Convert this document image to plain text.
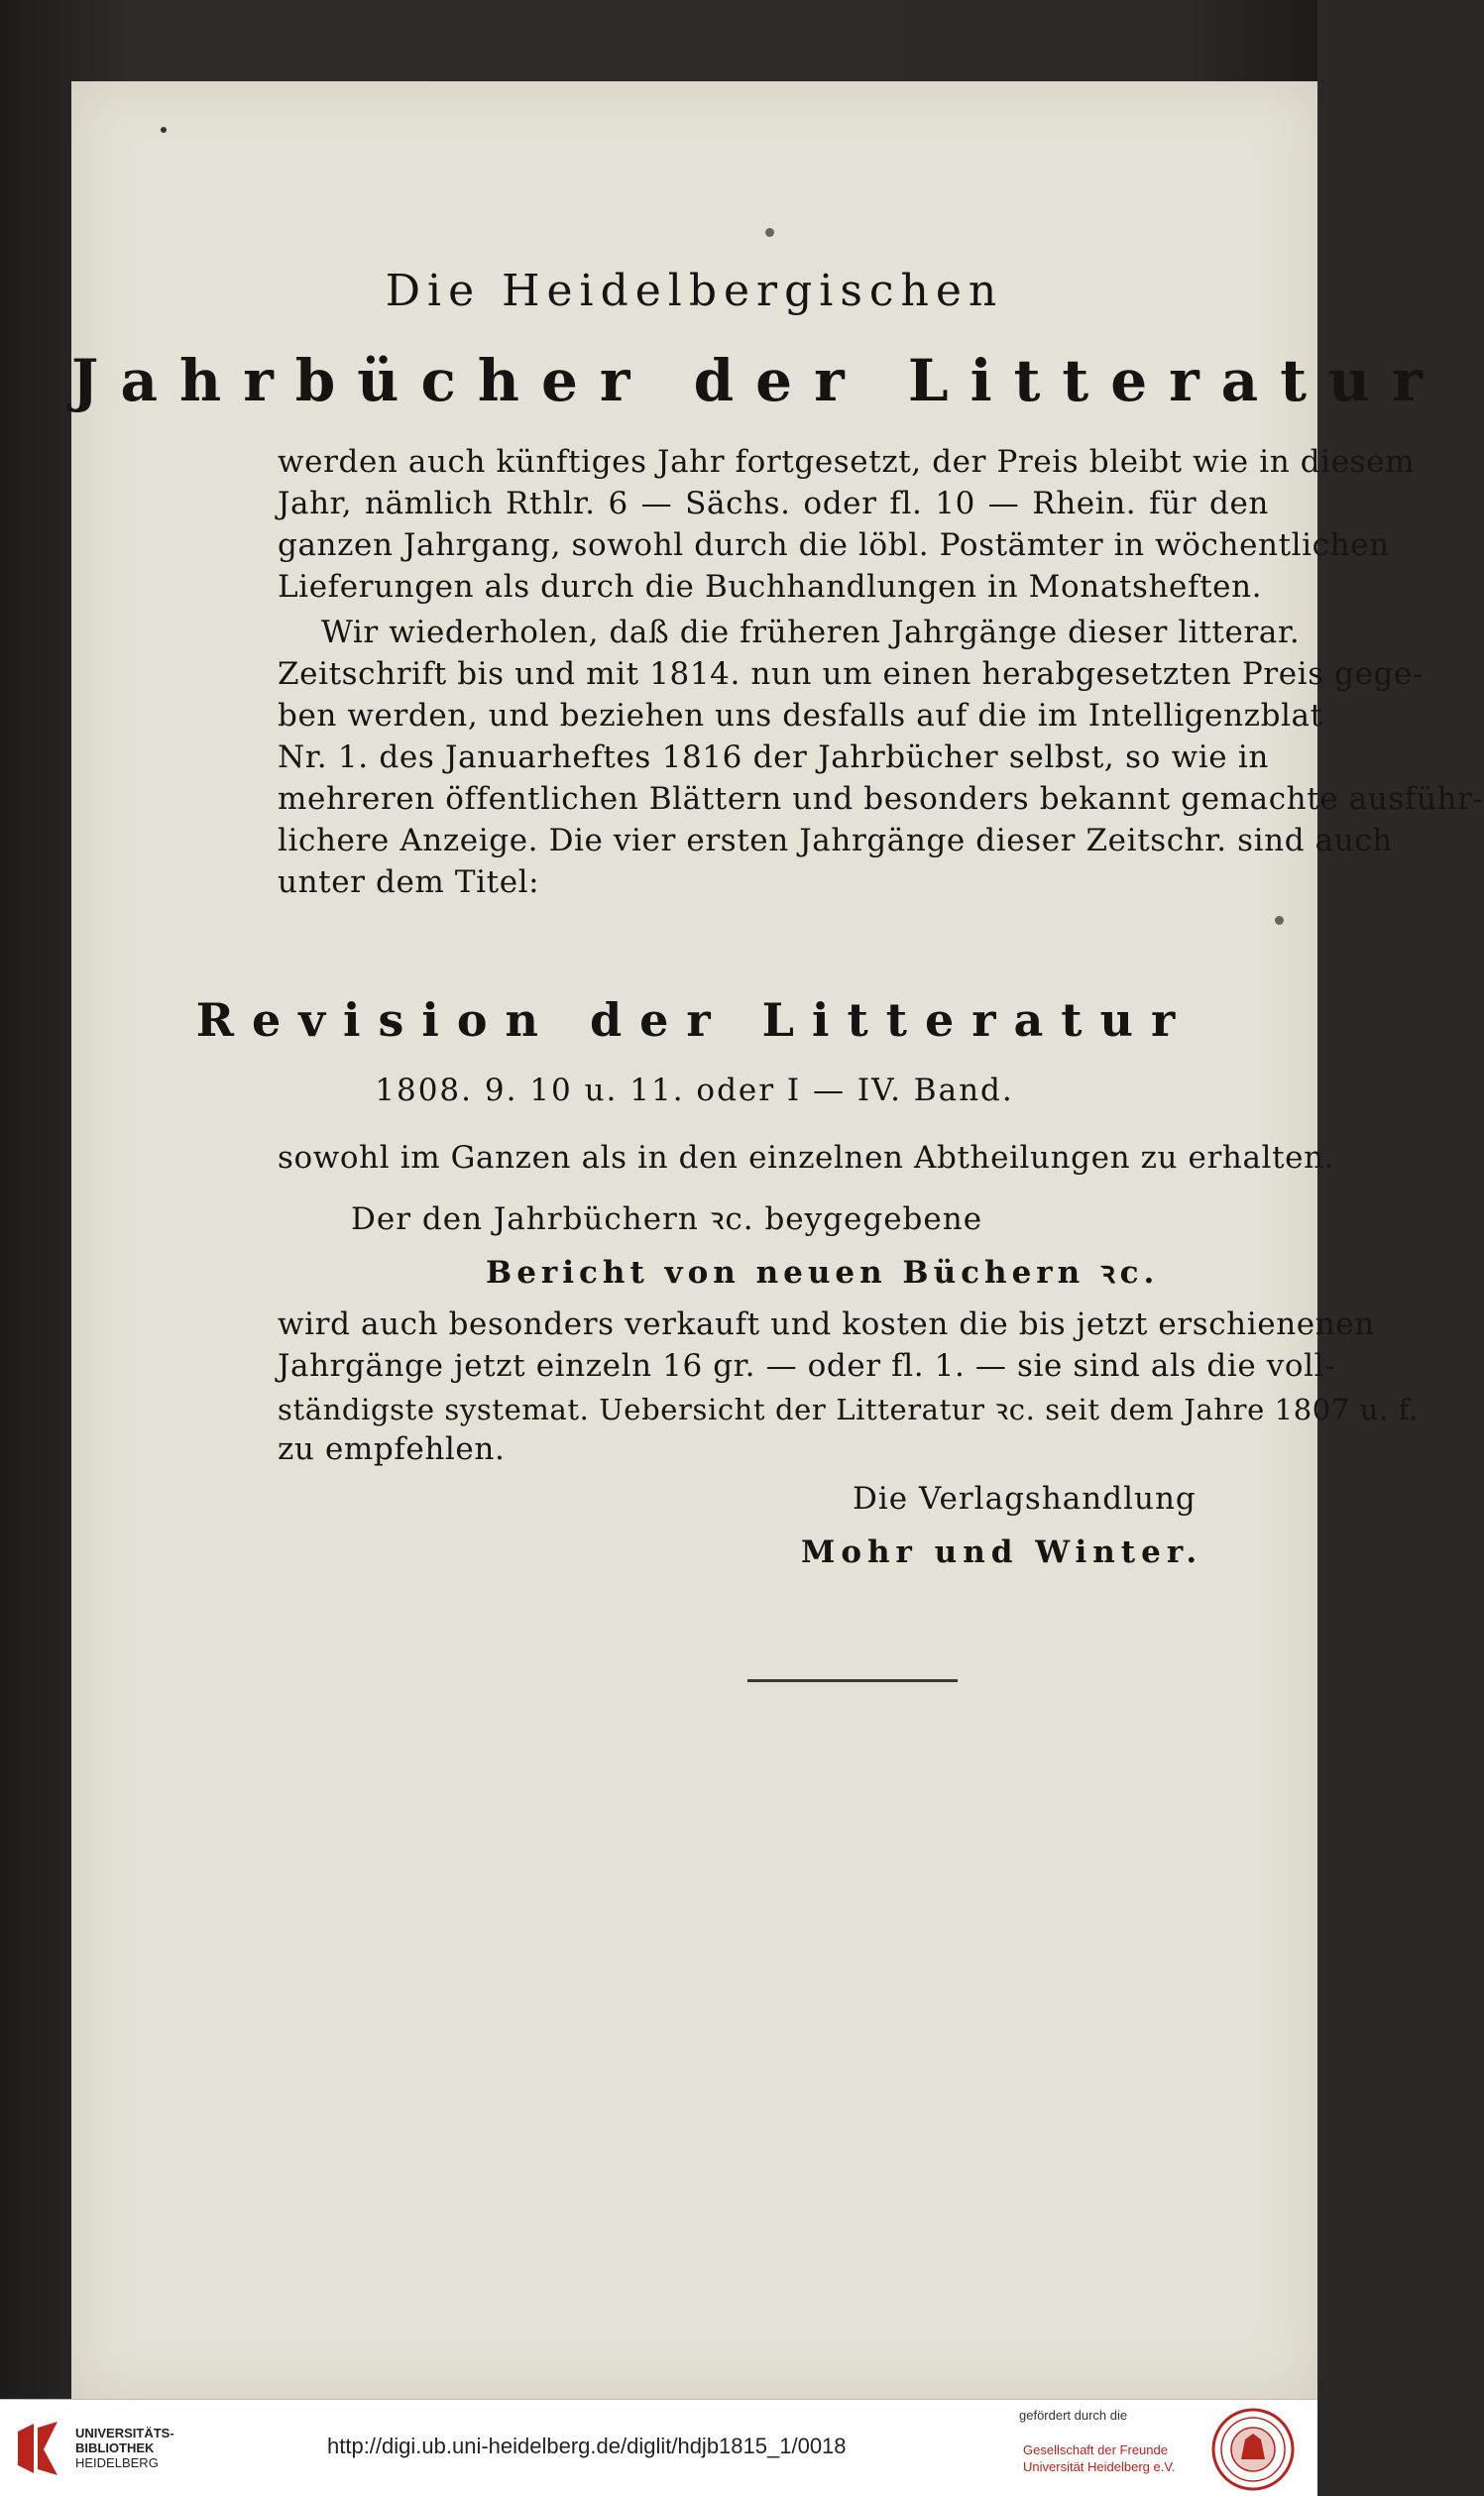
Die Heidelbergischen
Jahrbücher der Litteratur
werden auch künftiges Jahr fortgesetzt, der Preis bleibt wie in diesem
Jahr, nämlich Rthlr. 6 — Sächs. oder fl. 10 — Rhein. für den
ganzen Jahrgang, sowohl durch die löbl. Postämter in wöchentlichen
Lieferungen als durch die Buchhandlungen in Monatsheften.
Wir wiederholen, daß die früheren Jahrgänge dieser litterar.
Zeitschrift bis und mit 1814. nun um einen herabgesetzten Preis gege-
ben werden, und beziehen uns desfalls auf die im Intelligenzblat
Nr. 1. des Januarheftes 1816 der Jahrbücher selbst, so wie in
mehreren öffentlichen Blättern und besonders bekannt gemachte ausführ-
lichere Anzeige. Die vier ersten Jahrgänge dieser Zeitschr. sind auch
unter dem Titel:
Revision der Litteratur
1808. 9. 10 u. 11. oder I — IV. Band.
sowohl im Ganzen als in den einzelnen Abtheilungen zu erhalten.
Der den Jahrbüchern ꝛc. beygegebene
Bericht von neuen Büchern ꝛc.
wird auch besonders verkauft und kosten die bis jetzt erschienenen
Jahrgänge jetzt einzeln 16 gr. — oder fl. 1. — sie sind als die voll-
ständigste systemat. Uebersicht der Litteratur ꝛc. seit dem Jahre 1807 u. f.
zu empfehlen.
Die Verlagshandlung
Mohr und Winter.
UNIVERSITÄTS-
BIBLIOTHEK
HEIDELBERG
http://digi.ub.uni-heidelberg.de/diglit/hdjb1815_1/0018
gefördert durch die
Gesellschaft der Freunde
Universität Heidelberg e.V.
